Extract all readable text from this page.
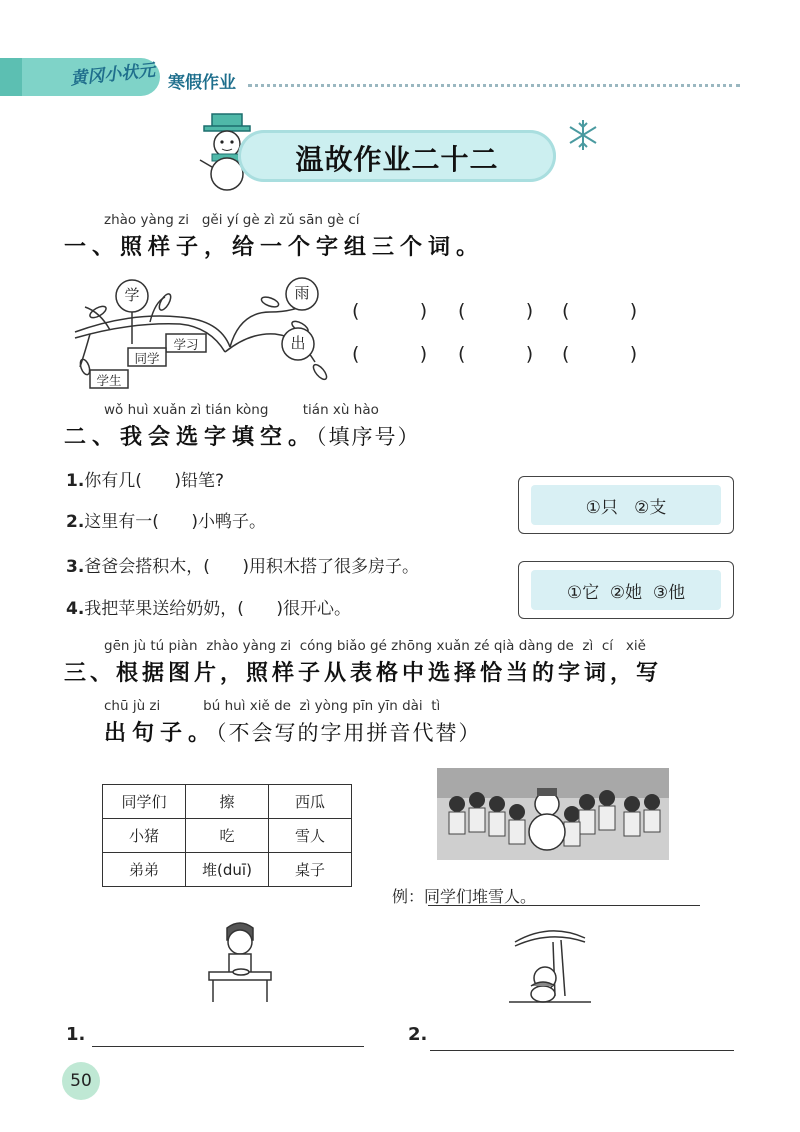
黄冈小状元 寒假作业
温故作业二十二
zhào yàng zi   gěi yí gè zì zǔ sān gè cí
一、照样子，给一个字组三个词。
学	雨
出
学习
同学
学生
(          ) (          ) (          )
(          ) (          ) (          )
wǒ huì xuǎn zì tián kòng        tián xù hào
二、我会选字填空。（填序号）
1.你有几(      )铅笔?
2.这里有一(      )小鸭子。
3.爸爸会搭积木，(      )用积木搭了很多房子。
4.我把苹果送给奶奶，(      )很开心。
①只   ②支
①它  ②她  ③他
gēn jù tú piàn  zhào yàng zi  cóng biǎo gé zhōng xuǎn zé qià dàng de  zì  cí   xiě
三、根据图片，照样子从表格中选择恰当的字词，写
chū jù zi          bú huì xiě de  zì yòng pīn yīn dài  tì
出句子。（不会写的字用拼音代替）
同学们	擦	西瓜
小猪	吃	雪人
弟弟	堆(duī)	桌子
例：同学们堆雪人。
1.	2.
50
